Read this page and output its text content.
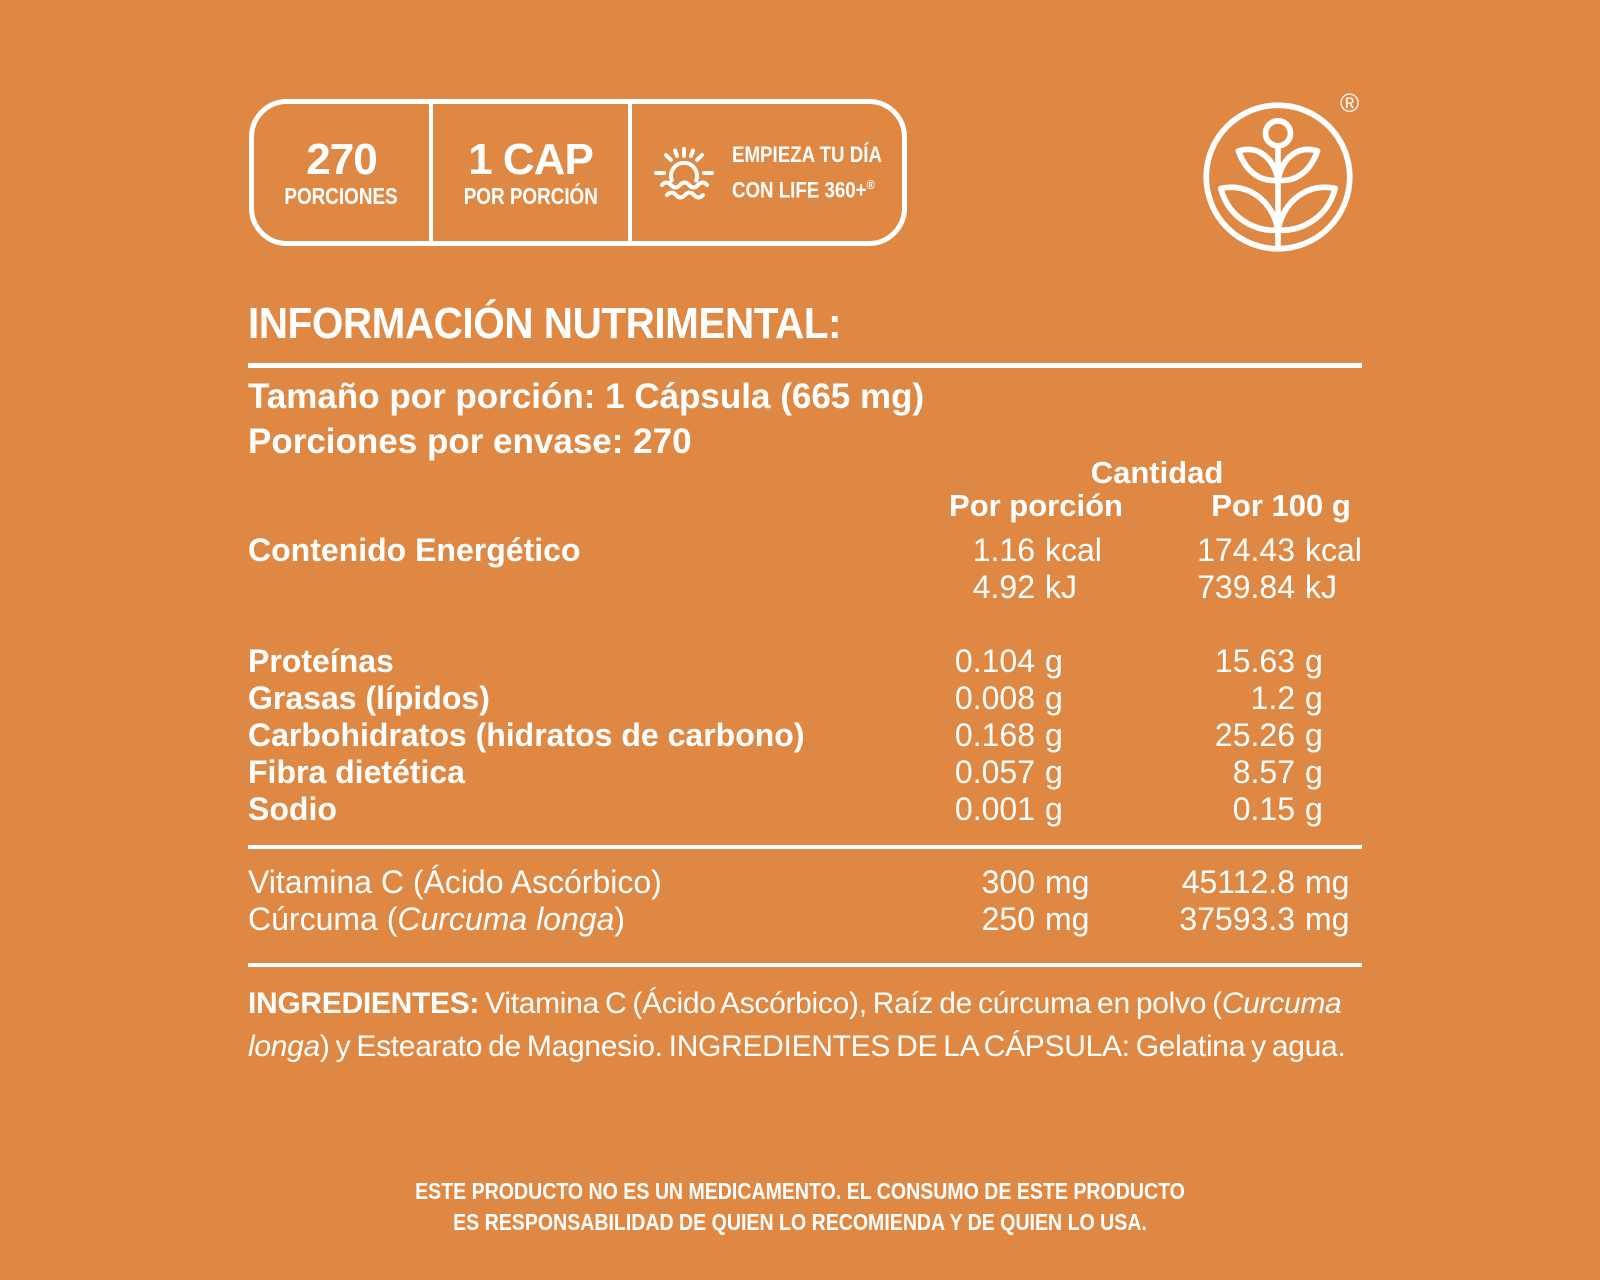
270
PORCIONES
1 CAP
POR PORCIÓN
EMPIEZA TU DÍA
CON LIFE 360+®
®
INFORMACIÓN NUTRIMENTAL:
Tamaño por porción: 1 Cápsula (665 mg)
Porciones por envase: 270
Cantidad
Por porción	Por 100 g
Contenido Energético	1.16 kcal	174.43 kcal
4.92 kJ	739.84 kJ
Proteínas	0.104 g	15.63 g
Grasas (lípidos)	0.008 g	1.2 g
Carbohidratos (hidratos de carbono)	0.168 g	25.26 g
Fibra dietética	0.057 g	8.57 g
Sodio	0.001 g	0.15 g
Vitamina C (Ácido Ascórbico)	300 mg	45112.8 mg
Cúrcuma (Curcuma longa)	250 mg	37593.3 mg
INGREDIENTES: Vitamina C (Ácido Ascórbico), Raíz de cúrcuma en polvo (Curcuma longa) y Estearato de Magnesio. INGREDIENTES DE LA CÁPSULA: Gelatina y agua.
ESTE PRODUCTO NO ES UN MEDICAMENTO. EL CONSUMO DE ESTE PRODUCTO
ES RESPONSABILIDAD DE QUIEN LO RECOMIENDA Y DE QUIEN LO USA.
